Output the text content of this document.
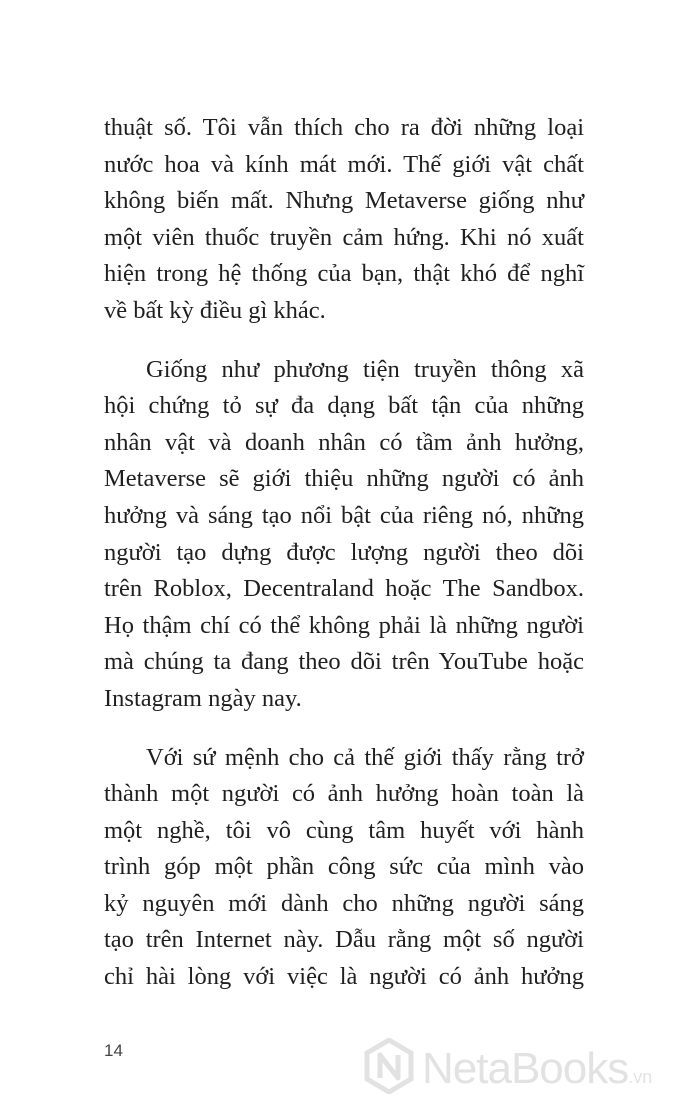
thuật số. Tôi vẫn thích cho ra đời những loại
nước hoa và kính mát mới. Thế giới vật chất
không biến mất. Nhưng Metaverse giống như
một viên thuốc truyền cảm hứng. Khi nó xuất
hiện trong hệ thống của bạn, thật khó để nghĩ
về bất kỳ điều gì khác.
Giống như phương tiện truyền thông xã
hội chứng tỏ sự đa dạng bất tận của những
nhân vật và doanh nhân có tầm ảnh hưởng,
Metaverse sẽ giới thiệu những người có ảnh
hưởng và sáng tạo nổi bật của riêng nó, những
người tạo dựng được lượng người theo dõi
trên Roblox, Decentraland hoặc The Sandbox.
Họ thậm chí có thể không phải là những người
mà chúng ta đang theo dõi trên YouTube hoặc
Instagram ngày nay.
Với sứ mệnh cho cả thế giới thấy rằng trở
thành một người có ảnh hưởng hoàn toàn là
một nghề, tôi vô cùng tâm huyết với hành
trình góp một phần công sức của mình vào
kỷ nguyên mới dành cho những người sáng
tạo trên Internet này. Dẫu rằng một số người
chỉ hài lòng với việc là người có ảnh hưởng
14	NetaBooks.vn
